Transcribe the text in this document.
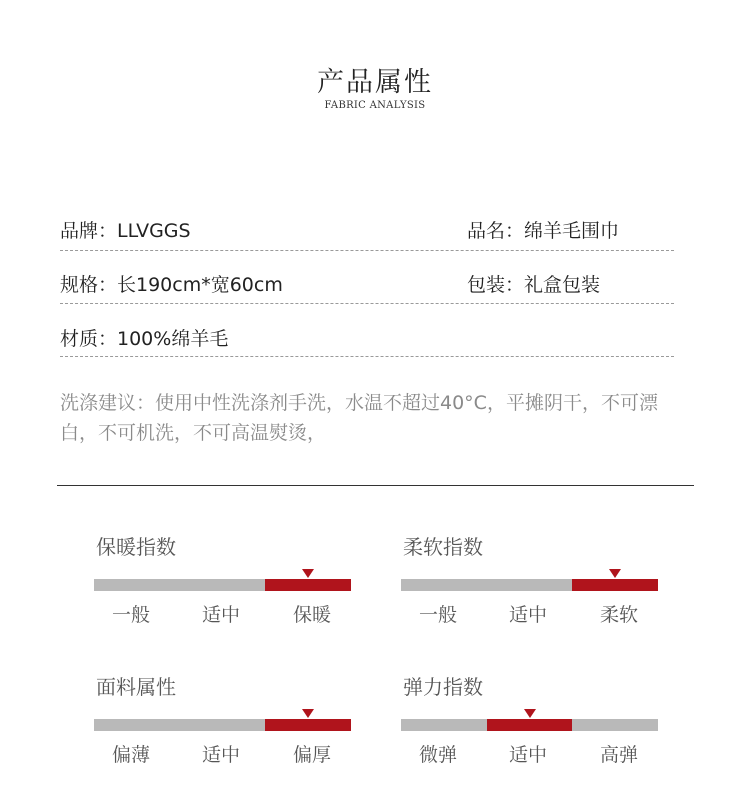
产品属性
FABRIC ANALYSIS
品牌：LLVGGS	品名：绵羊毛围巾
规格：长190cm*宽60cm	包装：礼盒包装
材质：100%绵羊毛
洗涤建议：使用中性洗涤剂手洗，水温不超过40°C，平摊阴干，不可漂白，不可机洗，不可高温熨烫，
保暖指数
一般	适中	保暖
柔软指数
一般	适中	柔软
面料属性
偏薄	适中	偏厚
弹力指数
微弹	适中	高弹
